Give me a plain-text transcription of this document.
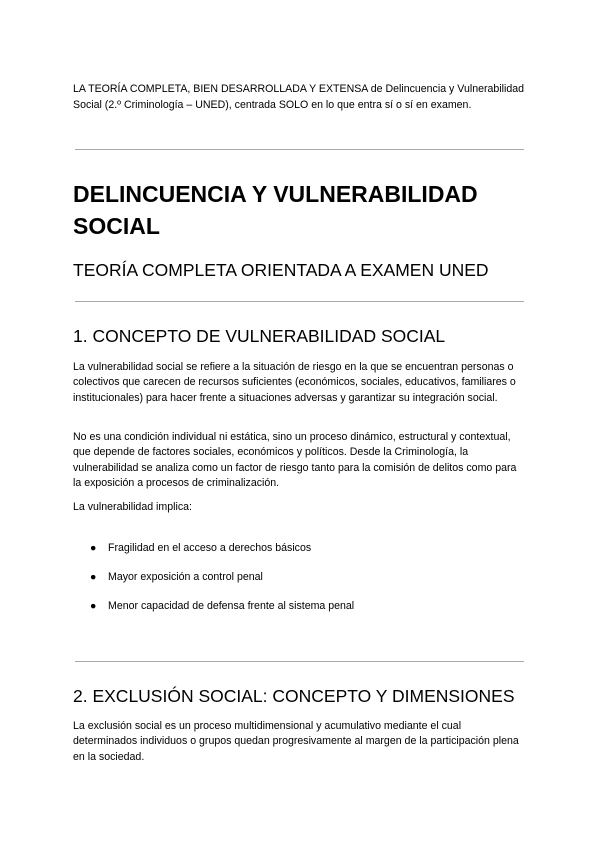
LA TEORÍA COMPLETA, BIEN DESARROLLADA Y EXTENSA de Delincuencia y Vulnerabilidad Social (2.º Criminología – UNED), centrada SOLO en lo que entra sí o sí en examen.

DELINCUENCIA Y VULNERABILIDAD SOCIAL
TEORÍA COMPLETA ORIENTADA A EXAMEN UNED
1. CONCEPTO DE VULNERABILIDAD SOCIAL

La vulnerabilidad social se refiere a la situación de riesgo en la que se encuentran personas o colectivos que carecen de recursos suficientes (económicos, sociales, educativos, familiares o institucionales) para hacer frente a situaciones adversas y garantizar su integración social.

No es una condición individual ni estática, sino un proceso dinámico, estructural y contextual, que depende de factores sociales, económicos y políticos. Desde la Criminología, la vulnerabilidad se analiza como un factor de riesgo tanto para la comisión de delitos como para la exposición a procesos de criminalización.

La vulnerabilidad implica:

● Fragilidad en el acceso a derechos básicos
● Mayor exposición a control penal
● Menor capacidad de defensa frente al sistema penal
2. EXCLUSIÓN SOCIAL: CONCEPTO Y DIMENSIONES

La exclusión social es un proceso multidimensional y acumulativo mediante el cual determinados individuos o grupos quedan progresivamente al margen de la participación plena en la sociedad.
